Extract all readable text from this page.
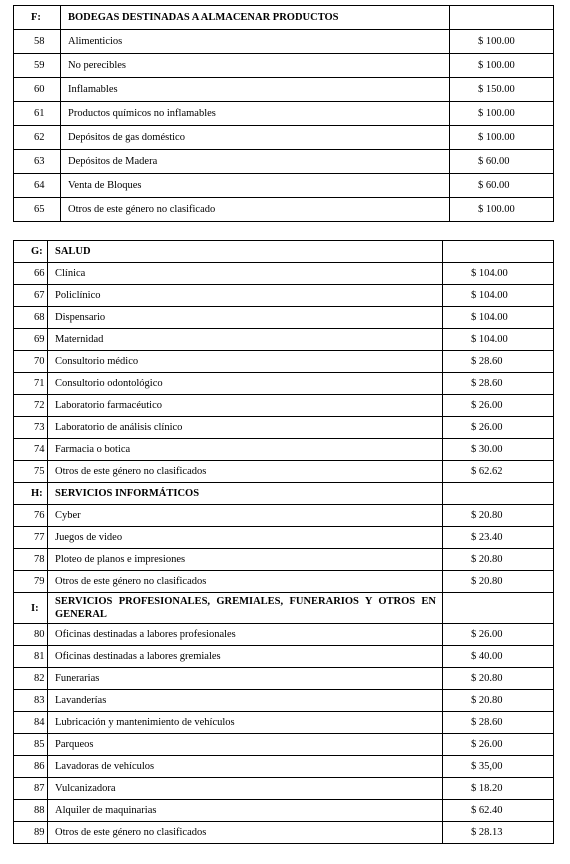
F:	BODEGAS DESTINADAS A ALMACENAR PRODUCTOS	
58	Alimenticios	$ 100.00
59	No perecibles	$ 100.00
60	Inflamables	$ 150.00
61	Productos químicos no inflamables	$ 100.00
62	Depósitos de gas doméstico	$ 100.00
63	Depósitos de Madera	$ 60.00
64	Venta de Bloques	$ 60.00
65	Otros de este género no clasificado	$ 100.00
G:	SALUD	
66	Clínica	$ 104.00
67	Policlínico	$ 104.00
68	Dispensario	$ 104.00
69	Maternidad	$ 104.00
70	Consultorio médico	$ 28.60
71	Consultorio odontológico	$ 28.60
72	Laboratorio farmacéutico	$ 26.00
73	Laboratorio de análisis clínico	$ 26.00
74	Farmacia o botica	$ 30.00
75	Otros de este género no clasificados	$ 62.62
H:	SERVICIOS INFORMÁTICOS	
76	Cyber	$ 20.80
77	Juegos de video	$ 23.40
78	Ploteo de planos e impresiones	$ 20.80
79	Otros de este género no clasificados	$ 20.80
I:	SERVICIOS PROFESIONALES, GREMIALES, FUNERARIOS Y OTROS EN GENERAL	
80	Oficinas destinadas a labores profesionales	$ 26.00
81	Oficinas destinadas a labores gremiales	$ 40.00
82	Funerarias	$ 20.80
83	Lavanderías	$ 20.80
84	Lubricación y mantenimiento de vehículos	$ 28.60
85	Parqueos	$ 26.00
86	Lavadoras de vehículos	$ 35,00
87	Vulcanizadora	$ 18.20
88	Alquiler de maquinarias	$ 62.40
89	Otros de este género no clasificados	$ 28.13
